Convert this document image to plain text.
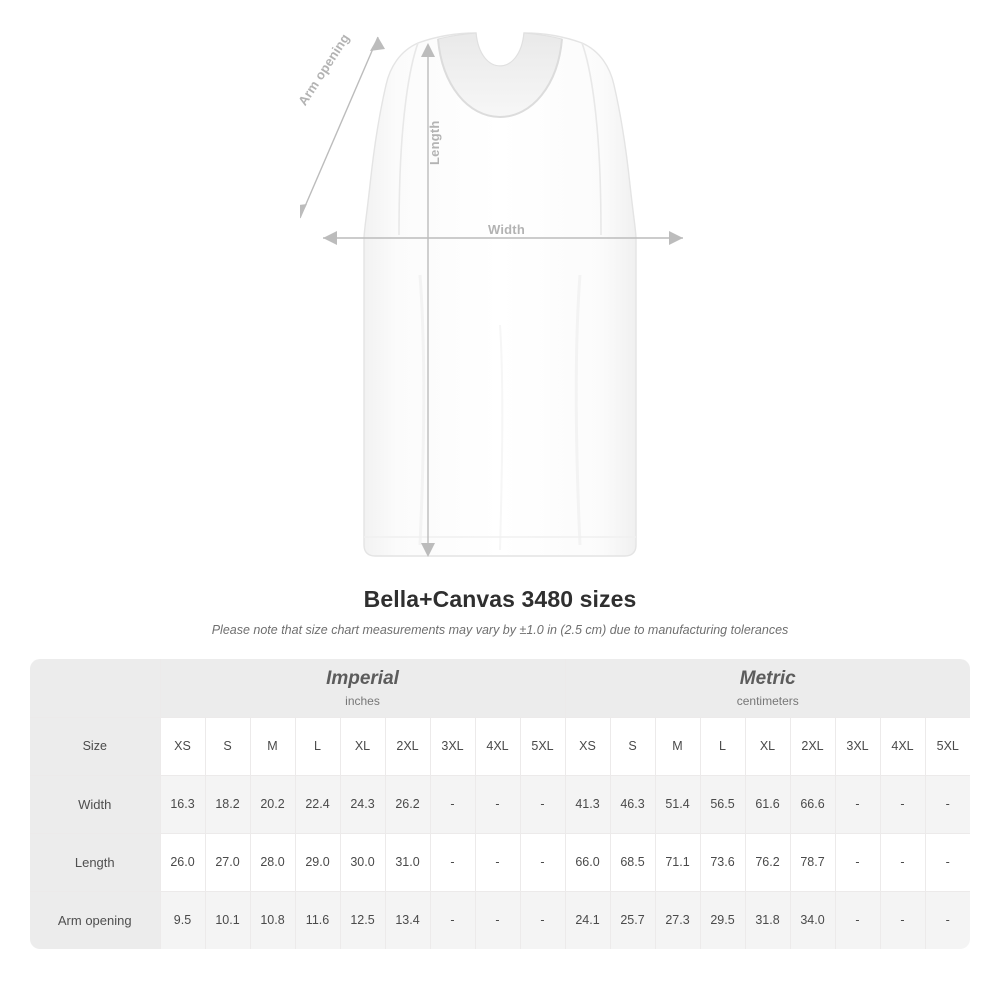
Arm opening
Length
Width
Bella+Canvas 3480 sizes
Please note that size chart measurements may vary by ±1.0 in (2.5 cm) due to manufacturing tolerances

Imperial
inches

Metric
centimeters

Size	XS	S	M	L	XL	2XL	3XL	4XL	5XL	XS	S	M	L	XL	2XL	3XL	4XL	5XL
Width	16.3	18.2	20.2	22.4	24.3	26.2	-	-	-	41.3	46.3	51.4	56.5	61.6	66.6	-	-	-
Length	26.0	27.0	28.0	29.0	30.0	31.0	-	-	-	66.0	68.5	71.1	73.6	76.2	78.7	-	-	-
Arm opening	9.5	10.1	10.8	11.6	12.5	13.4	-	-	-	24.1	25.7	27.3	29.5	31.8	34.0	-	-	-
